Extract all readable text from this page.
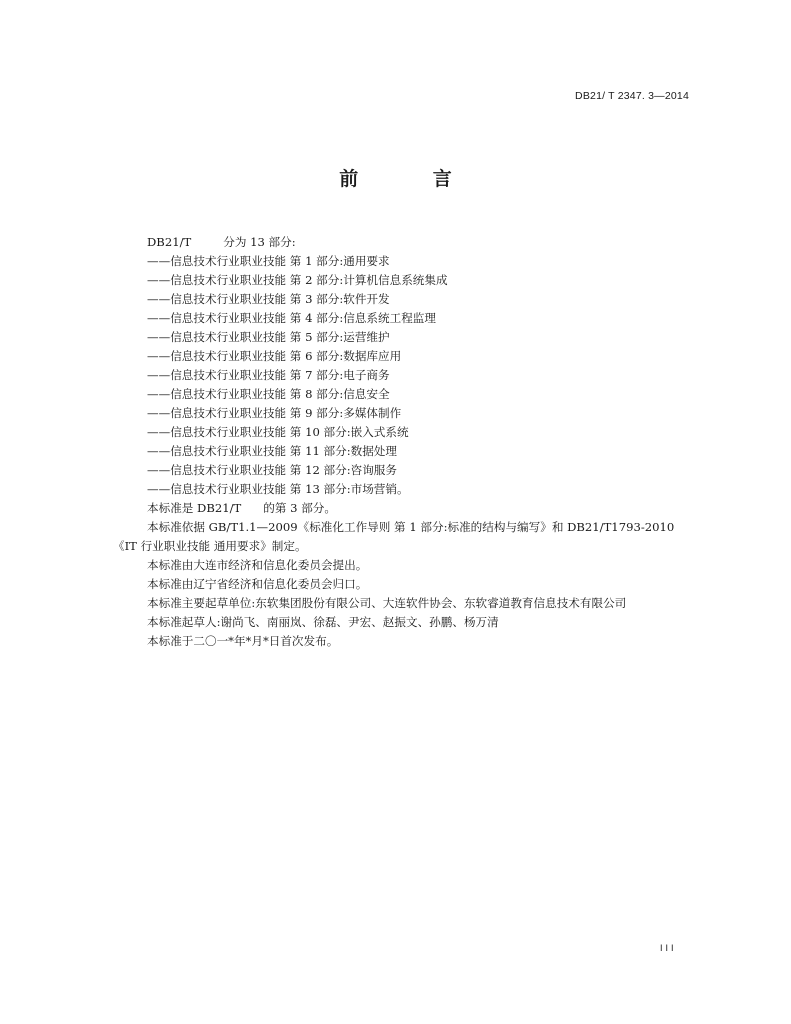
DB21/ T 2347. 3—2014

前 言
DB21/T	分为 13 部分:
——信息技术行业职业技能 第 1 部分:通用要求
——信息技术行业职业技能 第 2 部分:计算机信息系统集成
——信息技术行业职业技能 第 3 部分:软件开发
——信息技术行业职业技能 第 4 部分:信息系统工程监理
——信息技术行业职业技能 第 5 部分:运营维护
——信息技术行业职业技能 第 6 部分:数据库应用
——信息技术行业职业技能 第 7 部分:电子商务
——信息技术行业职业技能 第 8 部分:信息安全
——信息技术行业职业技能 第 9 部分:多媒体制作
——信息技术行业职业技能 第 10 部分:嵌入式系统
——信息技术行业职业技能 第 11 部分:数据处理
——信息技术行业职业技能 第 12 部分:咨询服务
——信息技术行业职业技能 第 13 部分:市场营销。
本标准是 DB21/T 的第 3 部分。
本标准依据 GB/T1.1—2009《标准化工作导则 第 1 部分:标准的结构与编写》和 DB21/T1793-2010
《IT 行业职业技能 通用要求》制定。
本标准由大连市经济和信息化委员会提出。
本标准由辽宁省经济和信息化委员会归口。
本标准主要起草单位:东软集团股份有限公司、大连软件协会、东软睿道教育信息技术有限公司
本标准起草人:谢尚飞、南丽岚、徐磊、尹宏、赵振文、孙鹏、杨万清
本标准于二〇一*年*月*日首次发布。
III
